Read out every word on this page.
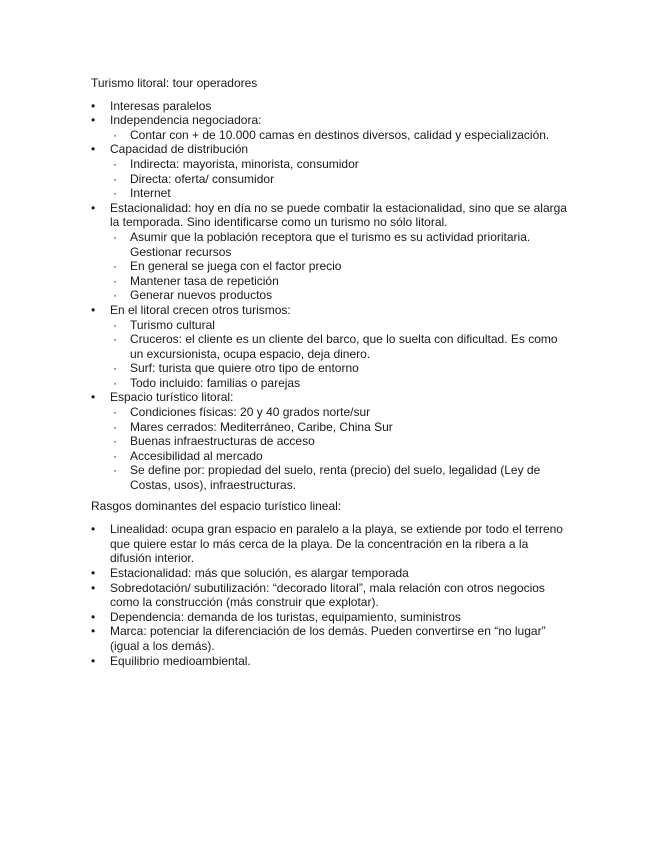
Turismo litoral: tour operadores

•	Interesas paralelos
•	Independencia negociadora:
·	Contar con + de 10.000 camas en destinos diversos, calidad y especialización.
•	Capacidad de distribución
·	Indirecta: mayorista, minorista, consumidor
·	Directa: oferta/ consumidor
·	Internet
•	Estacionalidad: hoy en día no se puede combatir la estacionalidad, sino que se alarga la temporada. Sino identificarse como un turismo no sólo litoral.
·	Asumir que la población receptora que el turismo es su actividad prioritaria. Gestionar recursos
·	En general se juega con el factor precio
·	Mantener tasa de repetición
·	Generar nuevos productos
•	En el litoral crecen otros turismos:
·	Turismo cultural
·	Cruceros: el cliente es un cliente del barco, que lo suelta con dificultad. Es como un excursionista, ocupa espacio, deja dinero.
·	Surf: turista que quiere otro tipo de entorno
·	Todo incluido: familias o parejas
•	Espacio turístico litoral:
·	Condiciones físicas: 20 y 40 grados norte/sur
·	Mares cerrados: Mediterráneo, Caribe, China Sur
·	Buenas infraestructuras de acceso
·	Accesibilidad al mercado
·	Se define por: propiedad del suelo, renta (precio) del suelo, legalidad (Ley de Costas, usos), infraestructuras.

Rasgos dominantes del espacio turístico lineal:

•	Linealidad: ocupa gran espacio en paralelo a la playa, se extiende por todo el terreno que quiere estar lo más cerca de la playa. De la concentración en la ribera a la difusión interior.
•	Estacionalidad: más que solución, es alargar temporada
•	Sobredotación/ subutilización: “decorado litoral”, mala relación con otros negocios como la construcción (más construir que explotar).
•	Dependencia: demanda de los turistas, equipamiento, suministros
•	Marca: potenciar la diferenciación de los demás. Pueden convertirse en “no lugar” (igual a los demás).
•	Equilibrio medioambiental.
